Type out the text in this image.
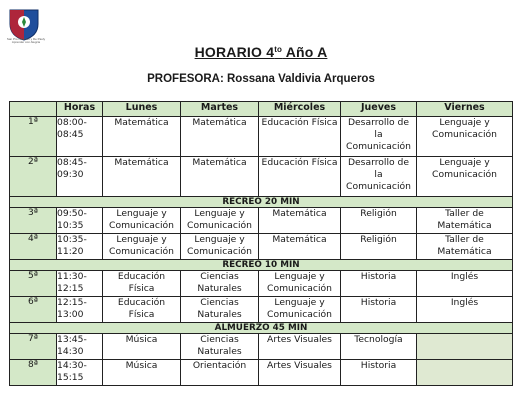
San Pío Cakolico y De Pauly Aprender con Alegría
HORARIO $4^{to}$ Año A
PROFESORA: Rossana Valdivia Arqueros
	Horas	Lunes	Martes	Miércoles	Jueves	Viernes

1ª	08:00-
08:45	Matemática	Matemática	Educación Física	Desarrollo de
la
Comunicación	Lenguaje y
Comunicación

2ª	08:45-
09:30	Matemática	Matemática	Educación Física	Desarrollo de
la
Comunicación	Lenguaje y
Comunicación
RECREO 20 MIN						

3ª	09:50-
10:35	Lenguaje y
Comunicación	Lenguaje y
Comunicación	Matemática	Religión	Taller de
Matemática

4ª	10:35-
11:20	Lenguaje y
Comunicación	Lenguaje y
Comunicación	Matemática	Religión	Taller de
Matemática
RECREO 10 MIN						

5ª	11:30-
12:15	Educación
Física	Ciencias
Naturales	Lenguaje y
Comunicación	Historia	Inglés

6ª	12:15-
13:00	Educación
Física	Ciencias
Naturales	Lenguaje y
Comunicación	Historia	Inglés
ALMUERZO 45 MIN						

7ª	13:45-
14:30	Música	Ciencias
Naturales	Artes Visuales	Tecnología	

8ª	14:30-
15:15	Música	Orientación	Artes Visuales	Historia	
